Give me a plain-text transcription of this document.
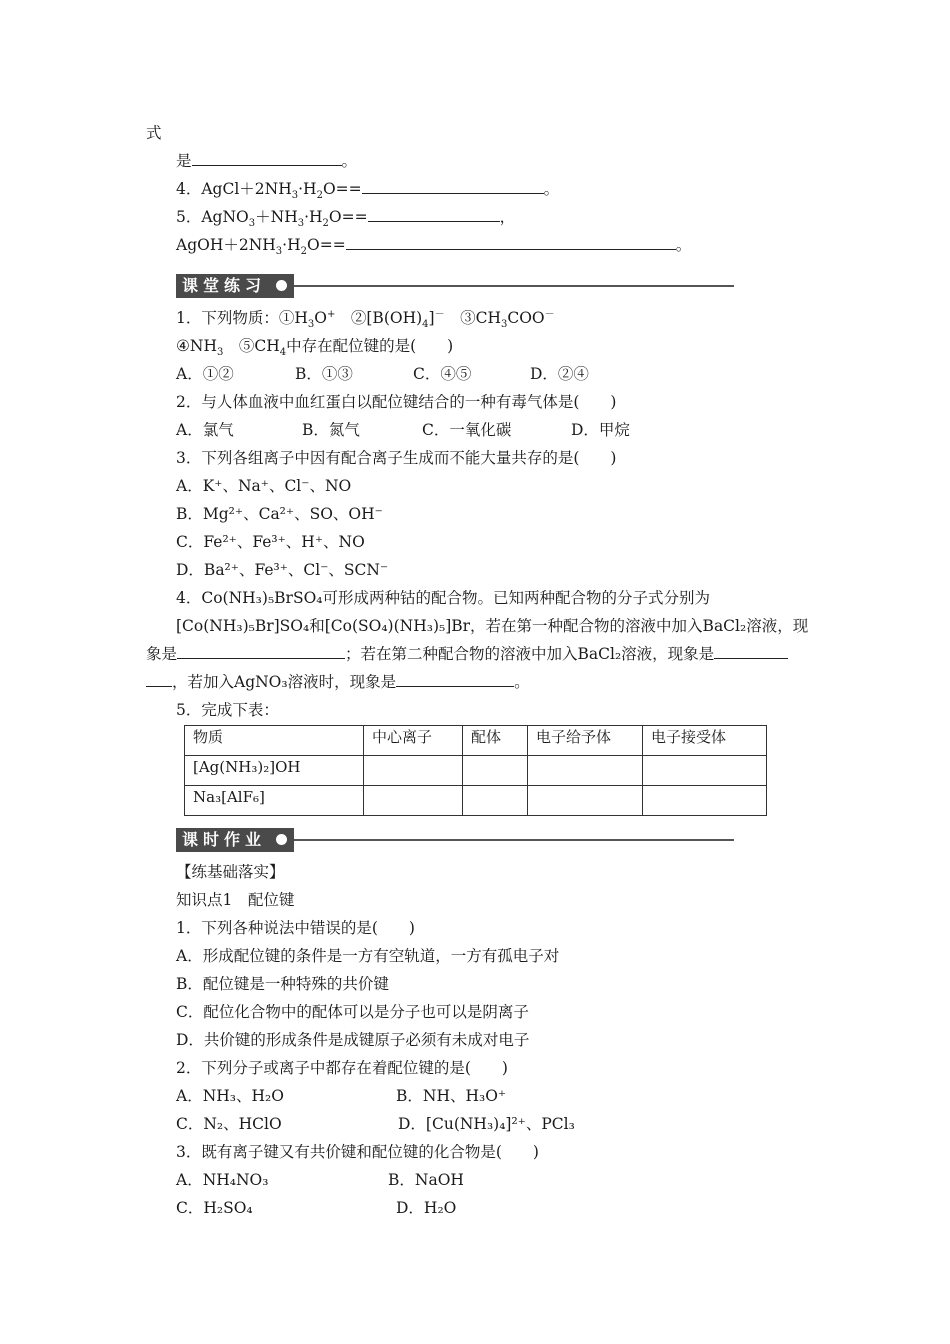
式
是	。
4．$AgCl+2NH_3\cdot H_2O==$	。
5．$AgNO_3+NH_3\cdot H_2O==$	，
$AgOH+2NH_3\cdot H_2O==$	。
课堂练习
1．下列物质：$①H_3O^+$　$②[B(OH)_4]^-$　$③CH_3COO^-$
$④NH_3$　$⑤CH_4$中存在配位键的是(　　)
A．①②	B．①③	C．④⑤	D．②④
2．与人体血液中血红蛋白以配位键结合的一种有毒气体是(　　)
A．氯气	B．氮气	C．一氧化碳	D．甲烷
3．下列各组离子中因有配合离子生成而不能大量共存的是(　　)
A．K⁺、Na⁺、Cl⁻、NO
B．Mg²⁺、Ca²⁺、SO、OH⁻
C．Fe²⁺、Fe³⁺、H⁺、NO
D．Ba²⁺、Fe³⁺、Cl⁻、SCN⁻
4．Co(NH₃)₅BrSO₄可形成两种钴的配合物。已知两种配合物的分子式分别为
[Co(NH₃)₅Br]SO₄和[Co(SO₄)(NH₃)₅]Br，若在第一种配合物的溶液中加入BaCl₂溶液，现
象是	；若在第二种配合物的溶液中加入BaCl₂溶液，现象是
，若加入AgNO₃溶液时，现象是	。
5．完成下表：
物质	中心离子	配体	电子给予体	电子接受体
[Ag(NH₃)₂]OH				
Na₃[AlF₆]				
课时作业
【练基础落实】
知识点1　配位键
1．下列各种说法中错误的是(　　)
A．形成配位键的条件是一方有空轨道，一方有孤电子对
B．配位键是一种特殊的共价键
C．配位化合物中的配体可以是分子也可以是阴离子
D．共价键的形成条件是成键原子必须有未成对电子
2．下列分子或离子中都存在着配位键的是(　　)
A．NH₃、H₂O	B．NH、H₃O⁺
C．N₂、HClO	D．[Cu(NH₃)₄]²⁺、PCl₃
3．既有离子键又有共价键和配位键的化合物是(　　)
A．NH₄NO₃	B．NaOH
C．H₂SO₄	D．H₂O
